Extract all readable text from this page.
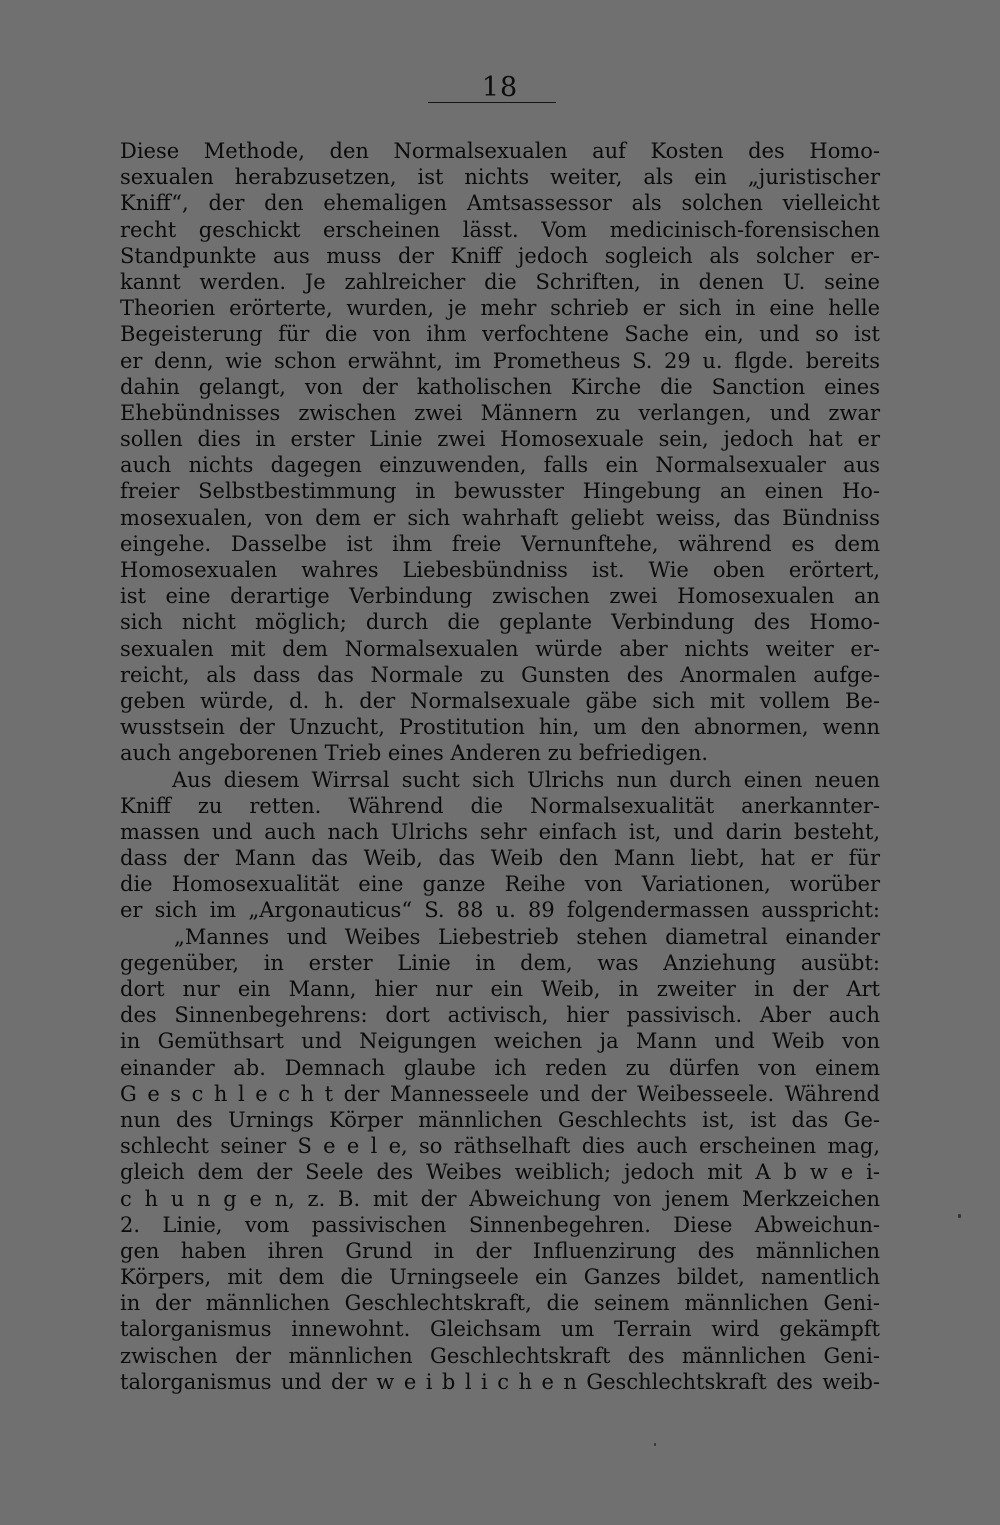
18
Diese Methode, den Normalsexualen auf Kosten des Homo-
sexualen herabzusetzen, ist nichts weiter, als ein „juristischer
Kniff“, der den ehemaligen Amtsassessor als solchen vielleicht
recht geschickt erscheinen lässt. Vom medicinisch-forensischen
Standpunkte aus muss der Kniff jedoch sogleich als solcher er-
kannt werden. Je zahlreicher die Schriften, in denen U. seine
Theorien erörterte, wurden, je mehr schrieb er sich in eine helle
Begeisterung für die von ihm verfochtene Sache ein, und so ist
er denn, wie schon erwähnt, im Prometheus S. 29 u. flgde. bereits
dahin gelangt, von der katholischen Kirche die Sanction eines
Ehebündnisses zwischen zwei Männern zu verlangen, und zwar
sollen dies in erster Linie zwei Homosexuale sein, jedoch hat er
auch nichts dagegen einzuwenden, falls ein Normalsexualer aus
freier Selbstbestimmung in bewusster Hingebung an einen Ho-
mosexualen, von dem er sich wahrhaft geliebt weiss, das Bündniss
eingehe. Dasselbe ist ihm freie Vernunftehe, während es dem
Homosexualen wahres Liebesbündniss ist. Wie oben erörtert,
ist eine derartige Verbindung zwischen zwei Homosexualen an
sich nicht möglich; durch die geplante Verbindung des Homo-
sexualen mit dem Normalsexualen würde aber nichts weiter er-
reicht, als dass das Normale zu Gunsten des Anormalen aufge-
geben würde, d. h. der Normalsexuale gäbe sich mit vollem Be-
wusstsein der Unzucht, Prostitution hin, um den abnormen, wenn
auch angeborenen Trieb eines Anderen zu befriedigen.
Aus diesem Wirrsal sucht sich Ulrichs nun durch einen neuen
Kniff zu retten. Während die Normalsexualität anerkannter-
massen und auch nach Ulrichs sehr einfach ist, und darin besteht,
dass der Mann das Weib, das Weib den Mann liebt, hat er für
die Homosexualität eine ganze Reihe von Variationen, worüber
er sich im „Argonauticus“ S. 88 u. 89 folgendermassen ausspricht:
„Mannes und Weibes Liebestrieb stehen diametral einander
gegenüber, in erster Linie in dem, was Anziehung ausübt:
dort nur ein Mann, hier nur ein Weib, in zweiter in der Art
des Sinnenbegehrens: dort activisch, hier passivisch. Aber auch
in Gemüthsart und Neigungen weichen ja Mann und Weib von
einander ab. Demnach glaube ich reden zu dürfen von einem
G e s c h l e c h t der Mannesseele und der Weibesseele. Während
nun des Urnings Körper männlichen Geschlechts ist, ist das Ge-
schlecht seiner S e e l e, so räthselhaft dies auch erscheinen mag,
gleich dem der Seele des Weibes weiblich; jedoch mit A b w e i-
c h u n g e n, z. B. mit der Abweichung von jenem Merkzeichen
2. Linie, vom passivischen Sinnenbegehren. Diese Abweichun-
gen haben ihren Grund in der Influenzirung des männlichen
Körpers, mit dem die Urningseele ein Ganzes bildet, namentlich
in der männlichen Geschlechtskraft, die seinem männlichen Geni-
talorganismus innewohnt. Gleichsam um Terrain wird gekämpft
zwischen der männlichen Geschlechtskraft des männlichen Geni-
talorganismus und der w e i b l i c h e n Geschlechtskraft des weib-
